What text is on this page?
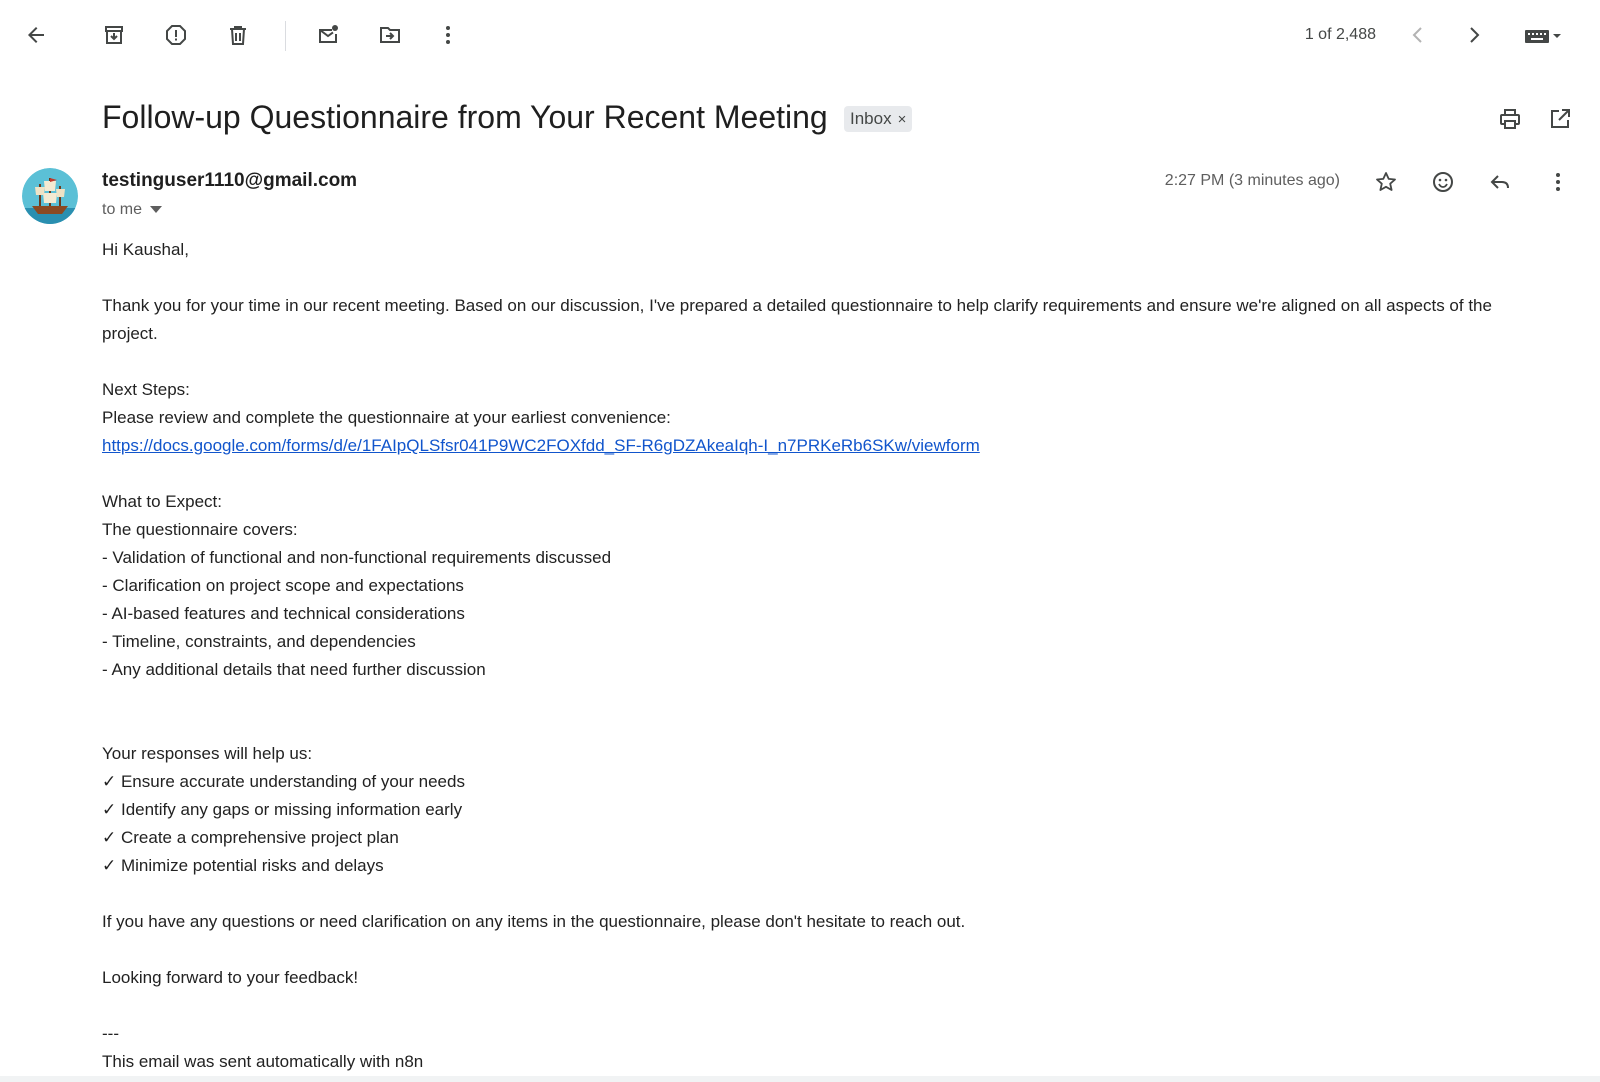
1 of 2,488
Follow-up Questionnaire from Your Recent Meeting Inbox ×
testinguser1110@gmail.com
to me
2:27 PM (3 minutes ago)

Hi Kaushal,

Thank you for your time in our recent meeting. Based on our discussion, I've prepared a detailed questionnaire to help clarify requirements and ensure we're aligned on all aspects of the project.

Next Steps:

Please review and complete the questionnaire at your earliest convenience:

https://docs.google.com/forms/d/e/1FAIpQLSfsr041P9WC2FOXfdd_SF-R6gDZAkeaIqh-I_n7PRKeRb6SKw/viewform

What to Expect:

The questionnaire covers:

- Validation of functional and non-functional requirements discussed

- Clarification on project scope and expectations

- AI-based features and technical considerations

- Timeline, constraints, and dependencies

- Any additional details that need further discussion

Your responses will help us:

✓ Ensure accurate understanding of your needs

✓ Identify any gaps or missing information early

✓ Create a comprehensive project plan

✓ Minimize potential risks and delays

If you have any questions or need clarification on any items in the questionnaire, please don't hesitate to reach out.

Looking forward to your feedback!

---

This email was sent automatically with n8n
